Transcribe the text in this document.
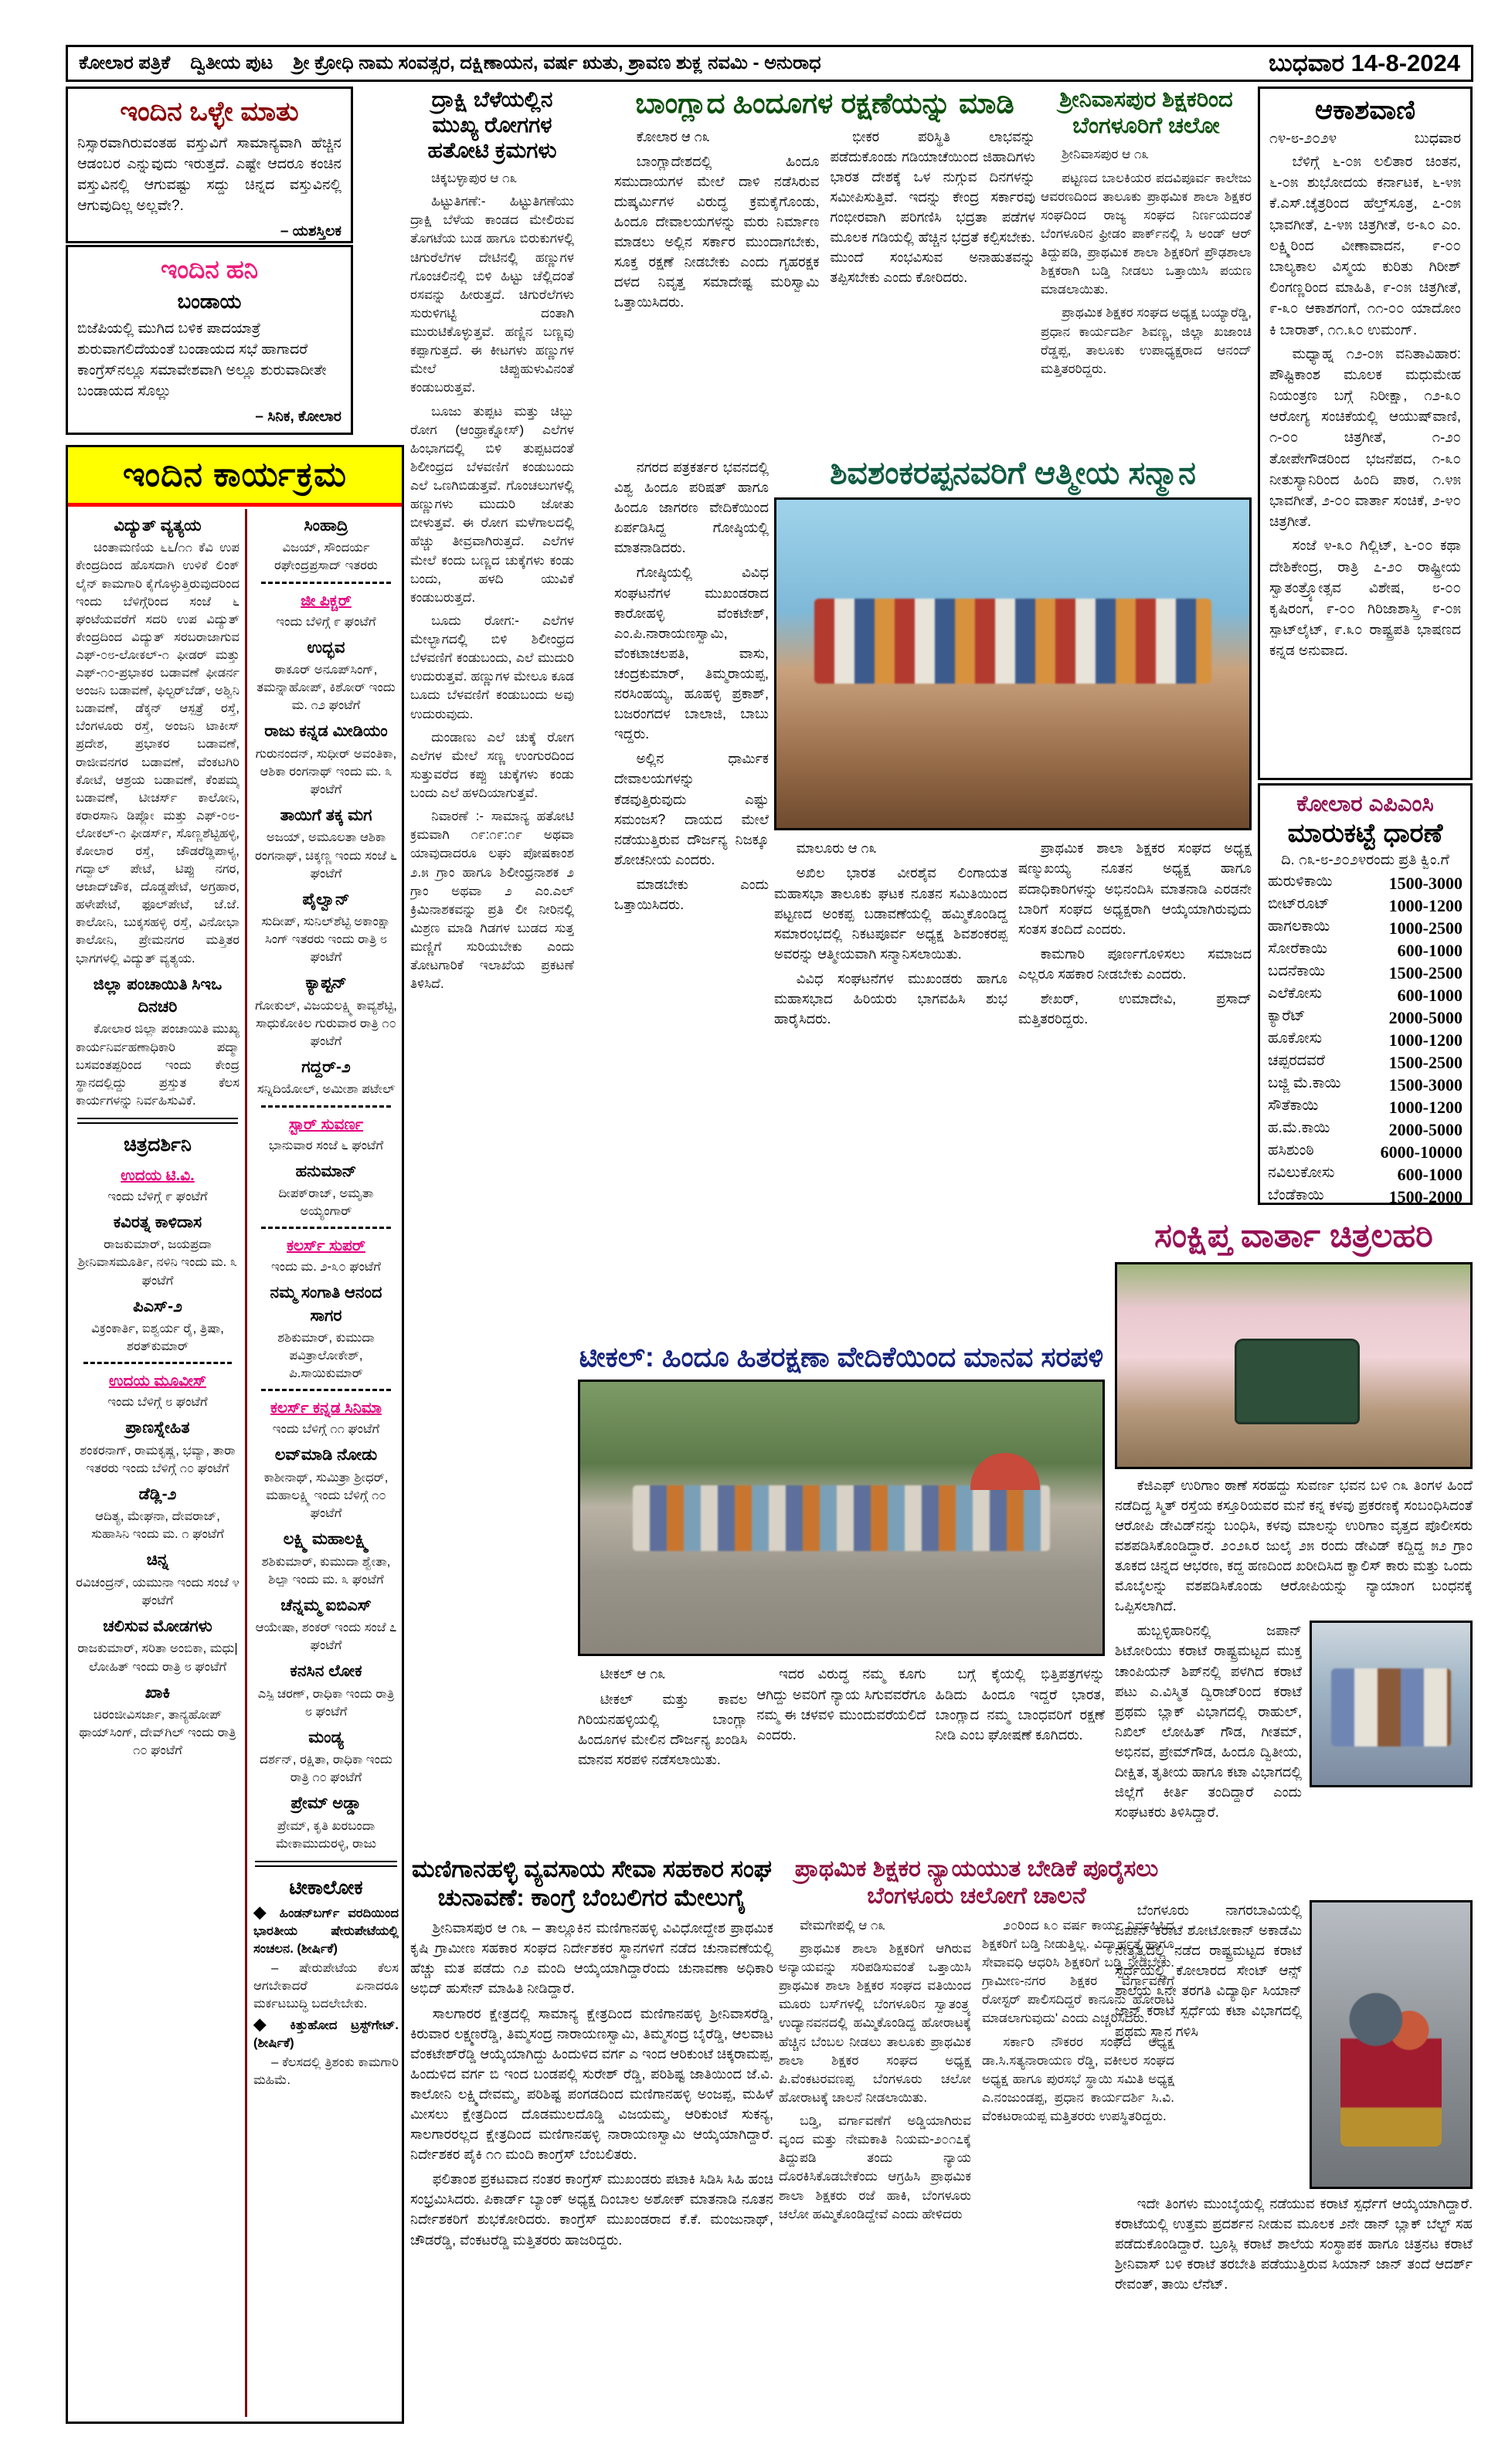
ಕೋಲಾರ ಪತ್ರಿಕೆ ದ್ವಿತೀಯ ಪುಟ ಶ್ರೀ ಕ್ರೋಧಿ ನಾಮ ಸಂವತ್ಸರ, ದಕ್ಷಿಣಾಯನ, ವರ್ಷ ಋತು, ಶ್ರಾವಣ ಶುಕ್ಲ ನವಮಿ - ಅನುರಾಧ	ಬುಧವಾರ 14-8-2024
ಇಂದಿನ ಒಳ್ಳೇ ಮಾತು
ನಿಸ್ಸಾರವಾಗಿರುವಂತಹ ವಸ್ತುವಿಗೆ ಸಾಮಾನ್ಯವಾಗಿ ಹೆಚ್ಚಿನ ಆಡಂಬರ ಎನ್ನುವುದು ಇರುತ್ತದೆ. ಎಷ್ಟೇ ಆದರೂ ಕಂಚಿನ ವಸ್ತುವಿನಲ್ಲಿ ಆಗುವಷ್ಟು ಸದ್ದು ಚಿನ್ನದ ವಸ್ತುವಿನಲ್ಲಿ ಆಗುವುದಿಲ್ಲ ಅಲ್ಲವೇ?.
– ಯಶಸ್ತಿಲಕ
ಇಂದಿನ ಹನಿ
ಬಂಡಾಯ
ಬಿಜೆಪಿಯಲ್ಲಿ ಮುಗಿದ ಬಳಿಕ ಪಾದಯಾತ್ರೆ ಶುರುವಾಗಲಿದೆಯಂತೆ ಬಂಡಾಯದ ಸಭೆ ಹಾಗಾದರೆ ಕಾಂಗ್ರೆಸ್‌ನಲ್ಲೂ ಸಮಾವೇಶವಾಗಿ ಅಲ್ಲೂ ಶುರುವಾದೀತೇ ಬಂಡಾಯದ ಸೊಲ್ಲು
– ಸಿನಿಕ, ಕೋಲಾರ
ಇಂದಿನ ಕಾರ್ಯಕ್ರಮ
ವಿದ್ಯುತ್ ವ್ಯತ್ಯಯ
ಚಿಂತಾಮಣಿಯ ೬೬/೧೧ ಕೆವಿ ಉಪ ಕೇಂದ್ರದಿಂದ ಹೊಸದಾಗಿ ಉಳಿಕೆ ಲಿಂಕ್ ಲೈನ್ ಕಾಮಗಾರಿ ಕೈಗೊಳ್ಳುತ್ತಿರುವುದರಿಂದ ಇಂದು ಬೆಳಿಗ್ಗೆರಿಂದ ಸಂಜೆ ೬ ಘಂಟೆಯವರೆಗೆ ಸದರಿ ಉಪ ವಿದ್ಯುತ್ ಕೇಂದ್ರದಿಂದ ವಿದ್ಯುತ್ ಸರಬರಾಜಾಗುವ ಎಫ್-೦೮-ಲೋಕಲ್-೧ ಫೀಡರ್ ಮತ್ತು ಎಫ್-೧೦-ಪ್ರಭಾಕರ ಬಡಾವಣೆ ಫೀಡರ್ನ ಅಂಜನಿ ಬಡಾವಣೆ, ಫಿಲ್ಟರ್‌ಬೆಡ್, ಅಶ್ವಿನಿ ಬಡಾವಣೆ, ಡೆಕ್ಕನ್ ಆಸ್ಪತ್ರೆ ರಸ್ತೆ, ಬೆಂಗಳೂರು ರಸ್ತೆ, ಅಂಜನಿ ಟಾಕೀಸ್ ಪ್ರದೇಶ, ಪ್ರಭಾಕರ ಬಡಾವಣೆ, ರಾಜೀವನಗರ ಬಡಾವಣೆ, ವೆಂಕಟಗಿರಿ ಕೋಟೆ, ಆಶ್ರಯ ಬಡಾವಣೆ, ಕೆಂಪಮ್ಮ ಬಡಾವಣೆ, ಟೀಚರ್ಸ್ ಕಾಲೋನಿ, ಕರಾರಸಾನಿ ಡಿಪ್ಲೋ ಮತ್ತು ಎಫ್-೦೮-ಲೋಕಲ್-೧ ಫೀಡರ್ಸ್, ಸೊಣ್ಣಶೆಟ್ಟಿಹಳ್ಳಿ, ಕೋಲಾರ ರಸ್ತೆ, ಚೌಡರೆಡ್ಡಿಪಾಳ್ಯ, ಗದ್ವಾಲ್ ಪೇಟೆ, ಟಿಪ್ಪು ನಗರ, ಆಜಾದ್‌ಚೌಕ, ದೊಡ್ಡಪೇಟೆ, ಅಗ್ರಹಾರ, ಹಳೇಪೇಟೆ, ಫೂಲ್‌ಪೇಟೆ, ಜೆ.ಜೆ. ಕಾಲೋನಿ, ಬುಕ್ಕಸಹಳ್ಳಿ ರಸ್ತೆ, ವಿನೋಭಾ ಕಾಲೋನಿ, ಪ್ರೇಮನಗರ ಮತ್ತಿತರ ಭಾಗಗಳಲ್ಲಿ ವಿದ್ಯುತ್ ವ್ಯತ್ಯಯ.
ಜಿಲ್ಲಾ ಪಂಚಾಯಿತಿ ಸಿಇಒ ದಿನಚರಿ
ಕೋಲಾರ ಜಿಲ್ಲಾ ಪಂಚಾಯಿತಿ ಮುಖ್ಯ ಕಾರ್ಯನಿರ್ವಹಣಾಧಿಕಾರಿ ಪದ್ಮಾ ಬಸವಂತಪ್ಪರಿಂದ ಇಂದು ಕೇಂದ್ರ ಸ್ಥಾನದಲ್ಲಿದ್ದು ಪ್ರಸ್ತುತ ಕೆಲಸ ಕಾರ್ಯಗಳನ್ನು ನಿರ್ವಹಿಸುವಿಕೆ.
ಚಿತ್ರದರ್ಶಿನಿ
ಉದಯ ಟಿ.ವಿ.
ಇಂದು ಬೆಳಿಗ್ಗೆ ೯ ಘಂಟೆಗೆ
ಕವಿರತ್ನ ಕಾಳಿದಾಸ
ರಾಜಕುಮಾರ್, ಜಯಪ್ರದಾ ಶ್ರೀನಿವಾಸಮೂರ್ತಿ, ನಳಿನಿ ಇಂದು ಮ. ೩ ಘಂಟೆಗೆ
ಪಿಎಸ್-೨
ವಿಕ್ರಂಕಾರ್ತಿ, ಐಶ್ವರ್ಯ ರೈ, ತ್ರಿಷಾ, ಶರತ್‌ಕುಮಾರ್
ಉದಯ ಮೂವೀಸ್
ಇಂದು ಬೆಳಿಗ್ಗೆ ೮ ಘಂಟೆಗೆ
ಪ್ರಾಣಸ್ನೇಹಿತ
ಶಂಕರನಾಗ್, ರಾಮಕೃಷ್ಣ, ಭವ್ಯಾ, ತಾರಾ ಇತರರು ಇಂದು ಬೆಳಿಗ್ಗೆ ೧೦ ಘಂಟೆಗೆ
ಡೆಡ್ಲಿ-೨
ಆದಿತ್ಯ, ಮೇಘನಾ, ದೇವರಾಜ್, ಸುಹಾಸಿನಿ ಇಂದು ಮ. ೧ ಘಂಟೆಗೆ
ಚಿನ್ನ
ರವಿಚಂದ್ರನ್, ಯಮುನಾ ಇಂದು ಸಂಜೆ ೪ ಘಂಟೆಗೆ
ಚಲಿಸುವ ಮೋಡಗಳು
ರಾಜಕುಮಾರ್, ಸರಿತಾ ಅಂಬಿಕಾ, ಮಧು|ಲೋಹಿತ್ ಇಂದು ರಾತ್ರಿ ೮ ಘಂಟೆಗೆ
ಖಾಕಿ
ಚಿರಂಜೀವಿಸರ್ಜಾ, ತಾನ್ಯಹೋಪ್ ಥಾಯ್‌ಸಿಂಗ್, ದೇವ್‌ಗಿಲ್ ಇಂದು ರಾತ್ರಿ ೧೦ ಘಂಟೆಗೆ
ಸಿಂಹಾದ್ರಿ
ವಿಜಯ್, ಸೌಂದರ್ಯ ರಘೇಂದ್ರಪ್ರಸಾದ್ ಇತರರು
ಜೀ ಪಿಕ್ಚರ್
ಇಂದು ಬೆಳಿಗ್ಗೆ ೯ ಘಂಟೆಗೆ
ಉದ್ಭವ
ಠಾಕೂರ್ ಅನೂಪ್‌ಸಿಂಗ್, ತಮನ್ನಾಹೋಪ್, ಕಿಶೋರ್ ಇಂದು ಮ. ೧೨ ಘಂಟೆಗೆ
ರಾಜು ಕನ್ನಡ ಮೀಡಿಯಂ
ಗುರುನಂದನ್, ಸುಧೀರ್ ಅವಂತಿಕಾ, ಆಶಿಕಾ ರಂಗನಾಥ್ ಇಂದು ಮ. ೩ ಘಂಟೆಗೆ
ತಾಯಿಗೆ ತಕ್ಕ ಮಗ
ಅಜಯ್, ಅಮೂಲತಾ ಆಶಿಕಾ ರಂಗನಾಥ್, ಚಿಕ್ಕಣ್ಣ ಇಂದು ಸಂಜೆ ೬ ಘಂಟೆಗೆ
ಪೈಲ್ವಾನ್
ಸುದೀಪ್, ಸುನಿಲ್‌ಶೆಟ್ಟಿ ಅಕಾಂಕ್ಷಾ ಸಿಂಗ್ ಇತರರು ಇಂದು ರಾತ್ರಿ ೮ ಘಂಟೆಗೆ
ಕ್ಯಾಪ್ಟನ್
ಗೋಕುಲ್, ವಿಜಯಲಕ್ಷ್ಮಿ ಕಾವ್ಯಶೆಟ್ಟಿ, ಸಾಧುಕೋಕಿಲ ಗುರುವಾರ ರಾತ್ರಿ ೧೦ ಘಂಟೆಗೆ
ಗದ್ದರ್-೨
ಸನ್ನಿದಿಯೋಲ್, ಅಮೀಶಾ ಪಟೇಲ್
ಸ್ಟಾರ್ ಸುವರ್ಣ
ಭಾನುವಾರ ಸಂಜೆ ೬ ಘಂಟೆಗೆ
ಹನುಮಾನ್
ದೀಪಕ್‌ರಾಜ್, ಅಮೃತಾ ಅಯ್ಯಂಗಾರ್
ಕಲರ್ಸ್ ಸುಪರ್
ಇಂದು ಮ. ೨-೩೦ ಘಂಟೆಗೆ
ನಮ್ಮ ಸಂಗಾತಿ ಆನಂದ ಸಾಗರ
ಶಶಿಕುಮಾರ್, ಕುಮುದಾ ಪವಿತ್ರಾಲೋಕೇಶ್, ಪಿ.ಸಾಯಿಕುಮಾರ್
ಕಲರ್ಸ್ ಕನ್ನಡ ಸಿನಿಮಾ
ಇಂದು ಬೆಳಿಗ್ಗೆ ೧೧ ಘಂಟೆಗೆ
ಲವ್‌ಮಾಡಿ ನೋಡು
ಕಾಶೀನಾಥ್, ಸುಮಿತ್ರಾ ಶ್ರೀಧರ್, ಮಹಾಲಕ್ಷ್ಮಿ ಇಂದು ಬೆಳಿಗ್ಗೆ ೧೦ ಘಂಟೆಗೆ
ಲಕ್ಷ್ಮಿ ಮಹಾಲಕ್ಷ್ಮಿ
ಶಶಿಕುಮಾರ್, ಕುಮುದಾ ಶ್ವೇತಾ, ಶಿಲ್ಪಾ ಇಂದು ಮ. ೩ ಘಂಟೆಗೆ
ಚೆನ್ನಮ್ಮ ಐಬಿಎಸ್
ಆಯೇಷಾ, ಶಂಕರ್ ಇಂದು ಸಂಜೆ ೭ ಘಂಟೆಗೆ
ಕನಸಿನ ಲೋಕ
ಎಸ್ಪಿ ಚರಣ್, ರಾಧಿಕಾ ಇಂದು ರಾತ್ರಿ ೮ ಘಂಟೆಗೆ
ಮಂಡ್ಯ
ದರ್ಶನ್, ರಕ್ಷಿತಾ, ರಾಧಿಕಾ ಇಂದು ರಾತ್ರಿ ೧೦ ಘಂಟೆಗೆ
ಪ್ರೇಮ್ ಅಡ್ಡಾ
ಪ್ರೇಮ್, ಕೃತಿ ಖರಬಂದಾ ಮೇಕಾಮುದುರಳ್ಳಿ, ರಾಜು
ಟೀಕಾಲೋಕ
◆ ಹಿಂಡನ್‌ಬರ್ಗ್ ವರದಿಯಿಂದ ಭಾರತೀಯ ಷೇರುಪೇಟೆಯಲ್ಲಿ ಸಂಚಲನ. (ಶೀರ್ಷಿಕೆ)
– ಷೇರುಪೇಟೆಯ ಕೆಲಸ ಆಗಬೇಕಾದರೆ ಏನಾದರೂ ಮರ್ಕಟಬುದ್ಧಿ ಬದಲೇಬೇಕು.
◆ ಕಿತ್ತುಹೋದ ಟ್ರಸ್ಟ್‌ಗೇಟ್. (ಶೀರ್ಷಿಕೆ)
– ಕೆಲಸದಲ್ಲಿ ತ್ರಿಶಂಕು ಕಾಮಗಾರಿ ಮಹಿಮೆ.
ದ್ರಾಕ್ಷಿ ಬೆಳೆಯಲ್ಲಿನ ಮುಖ್ಯ ರೋಗಗಳ ಹತೋಟಿ ಕ್ರಮಗಳು

ಚಿಕ್ಕಬಳ್ಳಾಪುರ ಆ ೧೩

ಹಿಟ್ಟುತಿಗಣೆ:- ಹಿಟ್ಟುತಿಗಣೆಯು ದ್ರಾಕ್ಷಿ ಬೆಳೆಯ ಕಾಂಡದ ಮೇಲಿರುವ ತೊಗಟೆಯ ಬುಡ ಹಾಗೂ ಬಿರುಕುಗಳಲ್ಲಿ ಚಿಗುರೆಲೆಗಳ ದೇಟಿನಲ್ಲಿ ಹಣ್ಣುಗಳ ಗೊಂಚಲಿನಲ್ಲಿ ಬಿಳಿ ಹಿಟ್ಟು ಚೆಲ್ಲಿದಂತೆ ರಸವನ್ನು ಹೀರುತ್ತದೆ. ಚಿಗುರೆಲೆಗಳು ಸುರುಳಿಗಟ್ಟಿ ದಂತಾಗಿ ಮುರುಟಿಕೊಳ್ಳುತ್ತವೆ. ಹಣ್ಣಿನ ಬಣ್ಣವು ಕಪ್ಪಾಗುತ್ತದೆ. ಈ ಕೀಟಗಳು ಹಣ್ಣುಗಳ ಮೇಲೆ ಚಿಪ್ಪುಹುಳುವಿನಂತೆ ಕಂಡುಬರುತ್ತವೆ.

ಬೂಜು ತುಪ್ಪಟ ಮತ್ತು ಚಿಬ್ಬು ರೋಗ (ಆಂಥ್ರಾಕ್ನೋಸ್) ಎಲೆಗಳ ಹಿಂಭಾಗದಲ್ಲಿ ಬಿಳಿ ತುಪ್ಪಟದಂತೆ ಶಿಲೀಂಧ್ರದ ಬೆಳವಣಿಗೆ ಕಂಡುಬಂದು ಎಲೆ ಒಣಗಿಬಿಡುತ್ತವೆ. ಗೊಂಚಲುಗಳಲ್ಲಿ ಹಣ್ಣುಗಳು ಮುದುರಿ ಜೋತು ಬೀಳುತ್ತವೆ. ಈ ರೋಗ ಮಳೆಗಾಲದಲ್ಲಿ ಹೆಚ್ಚು ತೀವ್ರವಾಗಿರುತ್ತದೆ. ಎಲೆಗಳ ಮೇಲೆ ಕಂದು ಬಣ್ಣದ ಚುಕ್ಕೆಗಳು ಕಂಡು ಬಂದು, ಹಳದಿ ಯುವಿಕೆ ಕಂಡುಬರುತ್ತದೆ.

ಬೂದು ರೋಗ:- ಎಲೆಗಳ ಮೇಲ್ಭಾಗದಲ್ಲಿ ಬಿಳಿ ಶಿಲೀಂಧ್ರದ ಬೆಳವಣಿಗೆ ಕಂಡುಬಂದು, ಎಲೆ ಮುದುರಿ ಉದುರುತ್ತವೆ. ಹಣ್ಣುಗಳ ಮೇಲೂ ಕೂಡ ಬೂದು ಬೆಳವಣಿಗೆ ಕಂಡುಬಂದು ಅವು ಉದುರುವುದು.

ದುಂಡಾಣು ಎಲೆ ಚುಕ್ಕೆ ರೋಗ ಎಲೆಗಳ ಮೇಲೆ ಸಣ್ಣ ಉಂಗುರದಿಂದ ಸುತ್ತುವರೆದ ಕಪ್ಪು ಚುಕ್ಕೆಗಳು ಕಂಡು ಬಂದು ಎಲೆ ಹಳದಿಯಾಗುತ್ತವೆ.

ನಿವಾರಣೆ :- ಸಾಮಾನ್ಯ ಹತೋಟಿ ಕ್ರಮವಾಗಿ ೧೯:೧೯:೧೯ ಅಥವಾ ಯಾವುದಾದರೂ ಲಘು ಪೋಷಕಾಂಶ ೨.೫ ಗ್ರಾಂ ಹಾಗೂ ಶಿಲೀಂಧ್ರನಾಶಕ ೨ ಗ್ರಾಂ ಅಥವಾ ೨ ಎಂ.ಎಲ್ ಕ್ರಿಮಿನಾಶಕವನ್ನು ಪ್ರತಿ ಲೀ ನೀರಿನಲ್ಲಿ ಮಿಶ್ರಣ ಮಾಡಿ ಗಿಡಗಳ ಬುಡದ ಸುತ್ತ ಮಣ್ಣಿಗೆ ಸುರಿಯಬೇಕು ಎಂದು ತೋಟಗಾರಿಕೆ ಇಲಾಖೆಯ ಪ್ರಕಟಣೆ ತಿಳಿಸಿದೆ.

ಬಾಂಗ್ಲಾದ ಹಿಂದೂಗಳ ರಕ್ಷಣೆಯನ್ನು ಮಾಡಿ

ಕೋಲಾರ ಆ ೧೩

ಬಾಂಗ್ಲಾದೇಶದಲ್ಲಿ ಹಿಂದೂ ಸಮುದಾಯಗಳ ಮೇಲೆ ದಾಳಿ ನಡೆಸಿರುವ ದುಷ್ಕರ್ಮಿಗಳ ವಿರುದ್ಧ ಕ್ರಮಕೈಗೊಂಡು, ಹಿಂದೂ ದೇವಾಲಯಗಳನ್ನು ಮರು ನಿರ್ಮಾಣ ಮಾಡಲು ಅಲ್ಲಿನ ಸರ್ಕಾರ ಮುಂದಾಗಬೇಕು, ಸೂಕ್ತ ರಕ್ಷಣೆ ನೀಡಬೇಕು ಎಂದು ಗೃಹರಕ್ಷಕ ದಳದ ನಿವೃತ್ತ ಸಮಾದೇಷ್ಟ ಮರಿಸ್ವಾಮಿ ಒತ್ತಾಯಿಸಿದರು.

ಭೀಕರ ಪರಿಸ್ಥಿತಿ ಲಾಭವನ್ನು ಪಡೆದುಕೊಂಡು ಗಡಿಯಾಚೆಯಿಂದ ಜಿಹಾದಿಗಳು ಭಾರತ ದೇಶಕ್ಕೆ ಒಳ ನುಗ್ಗುವ ದಿನಗಳನ್ನು ಸಮೀಪಿಸುತ್ತಿವೆ. ಇದನ್ನು ಕೇಂದ್ರ ಸರ್ಕಾರವು ಗಂಭೀರವಾಗಿ ಪರಿಗಣಿಸಿ ಭದ್ರತಾ ಪಡೆಗಳ ಮೂಲಕ ಗಡಿಯಲ್ಲಿ ಹೆಚ್ಚಿನ ಭದ್ರತೆ ಕಲ್ಪಿಸಬೇಕು. ಮುಂದೆ ಸಂಭವಿಸುವ ಅನಾಹುತವನ್ನು ತಪ್ಪಿಸಬೇಕು ಎಂದು ಕೋರಿದರು.

ನಗರದ ಪತ್ರಕರ್ತರ ಭವನದಲ್ಲಿ ವಿಶ್ವ ಹಿಂದೂ ಪರಿಷತ್ ಹಾಗೂ ಹಿಂದೂ ಜಾಗರಣ ವೇದಿಕೆಯಿಂದ ಏರ್ಪಡಿಸಿದ್ದ ಗೋಷ್ಠಿಯಲ್ಲಿ ಮಾತನಾಡಿದರು.

ಗೋಷ್ಠಿಯಲ್ಲಿ ವಿವಿಧ ಸಂಘಟನೆಗಳ ಮುಖಂಡರಾದ ಕಾರೋಹಳ್ಳಿ ವೆಂಕಟೇಶ್, ಎಂ.ಪಿ.ನಾರಾಯಣಸ್ವಾಮಿ, ವೆಂಕಟಾಚಲಪತಿ, ವಾಸು, ಚಂದ್ರಕುಮಾರ್, ತಿಮ್ಮರಾಯಪ್ಪ, ನರಸಿಂಹಯ್ಯ, ಹೂಹಳ್ಳಿ ಪ್ರಕಾಶ್, ಬಜರಂಗದಳ ಬಾಲಾಜಿ, ಬಾಬು ಇದ್ದರು.

ಅಲ್ಲಿನ ಧಾರ್ಮಿಕ ದೇವಾಲಯಗಳನ್ನು ಕೆಡವುತ್ತಿರುವುದು ಎಷ್ಟು ಸಮಂಜಸ? ದಾಯದ ಮೇಲೆ ನಡೆಯುತ್ತಿರುವ ದೌರ್ಜನ್ಯ ನಿಜಕ್ಕೂ ಶೋಚನೀಯ ಎಂದರು.

ಮಾಡಬೇಕು ಎಂದು ಒತ್ತಾಯಿಸಿದರು.

ಶ್ರೀನಿವಾಸಪುರ ಶಿಕ್ಷಕರಿಂದ ಬೆಂಗಳೂರಿಗೆ ಚಲೋ

ಶ್ರೀನಿವಾಸಪುರ ಆ ೧೩

ಪಟ್ಟಣದ ಬಾಲಕಿಯರ ಪದವಿಪೂರ್ವ ಕಾಲೇಜು ಆವರಣದಿಂದ ತಾಲೂಕು ಪ್ರಾಥಮಿಕ ಶಾಲಾ ಶಿಕ್ಷಕರ ಸಂಘದಿಂದ ರಾಜ್ಯ ಸಂಘದ ನಿರ್ಣಯದಂತೆ ಬೆಂಗಳೂರಿನ ಫ್ರೀಡಂ ಪಾರ್ಕ್‌ನಲ್ಲಿ ಸಿ ಅಂಡ್ ಆರ್ ತಿದ್ದುಪಡಿ, ಪ್ರಾಥಮಿಕ ಶಾಲಾ ಶಿಕ್ಷಕರಿಗೆ ಪ್ರೌಢಶಾಲಾ ಶಿಕ್ಷಕರಾಗಿ ಬಡ್ತಿ ನೀಡಲು ಒತ್ತಾಯಿಸಿ ಪಯಣ ಮಾಡಲಾಯಿತು.

ಪ್ರಾಥಮಿಕ ಶಿಕ್ಷಕರ ಸಂಘದ ಅಧ್ಯಕ್ಷ ಬಯ್ಯಾರೆಡ್ಡಿ, ಪ್ರಧಾನ ಕಾರ್ಯದರ್ಶಿ ಶಿವಣ್ಣ, ಜಿಲ್ಲಾ ಖಜಾಂಚಿ ರೆಡ್ಡಪ್ಪ, ತಾಲೂಕು ಉಪಾಧ್ಯಕ್ಷರಾದ ಆನಂದ್ ಮತ್ತಿತರರಿದ್ದರು.

ಶಿವಶಂಕರಪ್ಪನವರಿಗೆ ಆತ್ಮೀಯ ಸನ್ಮಾನ

ಮಾಲೂರು ಆ ೧೩

ಅಖಿಲ ಭಾರತ ವೀರಶೈವ ಲಿಂಗಾಯತ ಮಹಾಸಭಾ ತಾಲೂಕು ಘಟಕ ನೂತನ ಸಮಿತಿಯಿಂದ ಪಟ್ಟಣದ ಅಂಕಪ್ಪ ಬಡಾವಣೆಯಲ್ಲಿ ಹಮ್ಮಿಕೊಂಡಿದ್ದ ಸಮಾರಂಭದಲ್ಲಿ ನಿಕಟಪೂರ್ವ ಅಧ್ಯಕ್ಷ ಶಿವಶಂಕರಪ್ಪ ಅವರನ್ನು ಆತ್ಮೀಯವಾಗಿ ಸನ್ಮಾನಿಸಲಾಯಿತು.

ವಿವಿಧ ಸಂಘಟನೆಗಳ ಮುಖಂಡರು ಹಾಗೂ ಮಹಾಸಭಾದ ಹಿರಿಯರು ಭಾಗವಹಿಸಿ ಶುಭ ಹಾರೈಸಿದರು.

ಪ್ರಾಥಮಿಕ ಶಾಲಾ ಶಿಕ್ಷಕರ ಸಂಘದ ಅಧ್ಯಕ್ಷ ಷಣ್ಮುಖಯ್ಯ ನೂತನ ಅಧ್ಯಕ್ಷ ಹಾಗೂ ಪದಾಧಿಕಾರಿಗಳನ್ನು ಅಭಿನಂದಿಸಿ ಮಾತನಾಡಿ ಎರಡನೇ ಬಾರಿಗೆ ಸಂಘದ ಅಧ್ಯಕ್ಷರಾಗಿ ಆಯ್ಕೆಯಾಗಿರುವುದು ಸಂತಸ ತಂದಿದೆ ಎಂದರು.

ಕಾಮಗಾರಿ ಪೂರ್ಣಗೊಳಿಸಲು ಸಮಾಜದ ಎಲ್ಲರೂ ಸಹಕಾರ ನೀಡಬೇಕು ಎಂದರು.

ಶೇಖರ್, ಉಮಾದೇವಿ, ಪ್ರಸಾದ್ ಮತ್ತಿತರರಿದ್ದರು.

ಟೀಕಲ್: ಹಿಂದೂ ಹಿತರಕ್ಷಣಾ ವೇದಿಕೆಯಿಂದ ಮಾನವ ಸರಪಳಿ

ಟೀಕಲ್ ಆ ೧೩

ಟೀಕಲ್ ಮತ್ತು ಕಾವಲ ಗಿರಿಯನಹಳ್ಳಿಯಲ್ಲಿ ಬಾಂಗ್ಲಾ ಹಿಂದೂಗಳ ಮೇಲಿನ ದೌರ್ಜನ್ಯ ಖಂಡಿಸಿ ಮಾನವ ಸರಪಳಿ ನಡೆಸಲಾಯಿತು.

ಇದರ ವಿರುದ್ಧ ನಮ್ಮ ಕೂಗು ಆಗಿದ್ದು ಅವರಿಗೆ ನ್ಯಾಯ ಸಿಗುವವರೆಗೂ ನಮ್ಮ ಈ ಚಳವಳಿ ಮುಂದುವರೆಯಲಿದೆ ಎಂದರು.

ಬಗ್ಗೆ ಕೈಯಲ್ಲಿ ಭಿತ್ತಿಪತ್ರಗಳನ್ನು ಹಿಡಿದು ಹಿಂದೂ ಇದ್ದರೆ ಭಾರತ, ಬಾಂಗ್ಲಾದ ನಮ್ಮ ಬಾಂಧವರಿಗೆ ರಕ್ಷಣೆ ನೀಡಿ ಎಂಬ ಘೋಷಣೆ ಕೂಗಿದರು.

ಮಣಿಗಾನಹಳ್ಳಿ ವ್ಯವಸಾಯ ಸೇವಾ ಸಹಕಾರ ಸಂಘ ಚುನಾವಣೆ: ಕಾಂಗ್ರೆ ಬೆಂಬಲಿಗರ ಮೇಲುಗೈ

ಶ್ರೀನಿವಾಸಪುರ ಆ ೧೩ – ತಾಲ್ಲೂಕಿನ ಮಣಿಗಾನಹಳ್ಳಿ ವಿವಿಧೋದ್ದೇಶ ಪ್ರಾಥಮಿಕ ಕೃಷಿ ಗ್ರಾಮೀಣ ಸಹಕಾರ ಸಂಘದ ನಿರ್ದೇಶಕರ ಸ್ಥಾನಗಳಿಗೆ ನಡೆದ ಚುನಾವಣೆಯಲ್ಲಿ ಹೆಚ್ಚು ಮತ ಪಡೆದು ೧೨ ಮಂದಿ ಆಯ್ಕೆಯಾಗಿದ್ದಾರೆಂದು ಚುನಾವಣಾ ಅಧಿಕಾರಿ ಅಭಿದ್ ಹುಸೇನ್ ಮಾಹಿತಿ ನೀಡಿದ್ದಾರೆ.

ಸಾಲಗಾರರ ಕ್ಷೇತ್ರದಲ್ಲಿ ಸಾಮಾನ್ಯ ಕ್ಷೇತ್ರದಿಂದ ಮಣಿಗಾನಹಳ್ಳಿ ಶ್ರೀನಿವಾಸರೆಡ್ಡಿ, ಕಿರುವಾರ ಲಕ್ಷ್ಮಣರೆಡ್ಡಿ, ತಿಮ್ಮಸಂದ್ರ ನಾರಾಯಣಸ್ವಾಮಿ, ತಿಮ್ಮಸಂದ್ರ ಬೈರೆಡ್ಡಿ, ಆಲವಾಟ ವೆಂಕಟೇಶ್‌ರೆಡ್ಡಿ ಆಯ್ಕೆಯಾಗಿದ್ದು ಹಿಂದುಳಿದ ವರ್ಗ ಎ ಇಂದ ಆರಿಕುಂಟೆ ಚಿಕ್ಕರಾಮಪ್ಪ, ಹಿಂದುಳಿದ ವರ್ಗ ಬಿ ಇಂದ ಬಂಡಪಲ್ಲಿ ಸುರೇಶ್ ರೆಡ್ಡಿ, ಪರಿಶಿಷ್ಟ ಜಾತಿಯಿಂದ ಜೆ.ವಿ. ಕಾಲೋನಿ ಲಕ್ಷ್ಮಿದೇವಮ್ಮ, ಪರಿಶಿಷ್ಟ ಪಂಗಡದಿಂದ ಮಣಿಗಾನಹಳ್ಳಿ ಅಂಜಪ್ಪ, ಮಹಿಳೆ ಮೀಸಲು ಕ್ಷೇತ್ರದಿಂದ ದೊಡಮುಲದೊಡ್ಡಿ ವಿಜಯಮ್ಮ, ಆರಿಕುಂಟೆ ಸುಕನ್ಯ, ಸಾಲಗಾರರಲ್ಲದ ಕ್ಷೇತ್ರದಿಂದ ಮಣಿಗಾನಹಳ್ಳಿ ನಾರಾಯಣಸ್ವಾಮಿ ಆಯ್ಕೆಯಾಗಿದ್ದಾರೆ. ನಿರ್ದೇಶಕರ ಪೈಕಿ ೧೧ ಮಂದಿ ಕಾಂಗ್ರೆಸ್ ಬೆಂಬಲಿತರು.

ಫಲಿತಾಂಶ ಪ್ರಕಟವಾದ ನಂತರ ಕಾಂಗ್ರೆಸ್ ಮುಖಂಡರು ಪಟಾಕಿ ಸಿಡಿಸಿ ಸಿಹಿ ಹಂಚಿ ಸಂಭ್ರಮಿಸಿದರು. ಪಿಕಾರ್ಡ್ ಬ್ಯಾಂಕ್ ಅಧ್ಯಕ್ಷ ದಿಂಬಾಲ ಅಶೋಕ್ ಮಾತನಾಡಿ ನೂತನ ನಿರ್ದೇಶಕರಿಗೆ ಶುಭಕೋರಿದರು. ಕಾಂಗ್ರೆಸ್ ಮುಖಂಡರಾದ ಕೆ.ಕೆ. ಮಂಜುನಾಥ್, ಚೌಡರೆಡ್ಡಿ, ವೆಂಕಟರೆಡ್ಡಿ ಮತ್ತಿತರರು ಹಾಜರಿದ್ದರು.

ಪ್ರಾಥಮಿಕ ಶಿಕ್ಷಕರ ನ್ಯಾಯಯುತ ಬೇಡಿಕೆ ಪೂರೈಸಲು ಬೆಂಗಳೂರು ಚಲೋಗೆ ಚಾಲನೆ

ವೇಮಗೇಪಲ್ಲಿ ಆ ೧೩

ಪ್ರಾಥಮಿಕ ಶಾಲಾ ಶಿಕ್ಷಕರಿಗೆ ಆಗಿರುವ ಅನ್ಯಾಯವನ್ನು ಸರಿಪಡಿಸುವಂತೆ ಒತ್ತಾಯಿಸಿ ಪ್ರಾಥಮಿಕ ಶಾಲಾ ಶಿಕ್ಷಕರ ಸಂಘದ ವತಿಯಿಂದ ಮೂರು ಬಸ್‌ಗಳಲ್ಲಿ ಬೆಂಗಳೂರಿನ ಸ್ವಾತಂತ್ರ್ಯ ಉದ್ಯಾನವನದಲ್ಲಿ ಹಮ್ಮಿಕೊಂಡಿದ್ದ ಹೋರಾಟಕ್ಕೆ ಹೆಚ್ಚಿನ ಬೆಂಬಲ ನೀಡಲು ತಾಲೂಕು ಪ್ರಾಥಮಿಕ ಶಾಲಾ ಶಿಕ್ಷಕರ ಸಂಘದ ಅಧ್ಯಕ್ಷ ಪಿ.ವೆಂಕಟರವಣಪ್ಪ ಬೆಂಗಳೂರು ಚಲೋ ಹೋರಾಟಕ್ಕೆ ಚಾಲನೆ ನೀಡಲಾಯಿತು.

ಬಡ್ತಿ, ವರ್ಗಾವಣೆಗೆ ಅಡ್ಡಿಯಾಗಿರುವ ವೃಂದ ಮತ್ತು ನೇಮಕಾತಿ ನಿಯಮ-೨೦೧೭ಕ್ಕೆ ತಿದ್ದುಪಡಿ ತಂದು ನ್ಯಾಯ ದೊರಕಿಸಿಕೊಡಬೇಕೆಂದು ಆಗ್ರಹಿಸಿ ಪ್ರಾಥಮಿಕ ಶಾಲಾ ಶಿಕ್ಷಕರು ರಜೆ ಹಾಕಿ, ಬೆಂಗಳೂರು ಚಲೋ ಹಮ್ಮಿಕೊಂಡಿದ್ದೇವೆ ಎಂದು ಹೇಳಿದರು

೨೦ರಿಂದ ೩೦ ವರ್ಷ ಕಾರ್ಯ ನಿರ್ವಹಿಸಿದ ಶಿಕ್ಷಕರಿಗೆ ಬಡ್ತಿ ನೀಡುತ್ತಿಲ್ಲ. ವಿದ್ಯಾರ್ಹತೆ ಹಾಗೂ ಸೇವಾವಧಿ ಆಧರಿಸಿ ಶಿಕ್ಷಕರಿಗೆ ಬಡ್ತಿ ನೀಡಬೇಕು. ಗ್ರಾಮೀಣ-ನಗರ ಶಿಕ್ಷಕರ ವರ್ಗಾವಣೆಗೆ ರೋಸ್ಟರ್ ಪಾಲಿಸದಿದ್ದರೆ ಕಾನೂನು ಹೋರಾಟ ಮಾಡಲಾಗುವುದು' ಎಂದು ಎಚ್ಚರಿಸಿದರು.

ಸರ್ಕಾರಿ ನೌಕರರ ಸಂಘದ ಅಧ್ಯಕ್ಷ ಡಾ.ಸಿ.ಸತ್ಯನಾರಾಯಣ ರೆಡ್ಡಿ, ವಕೀಲರ ಸಂಘದ ಅಧ್ಯಕ್ಷ ಹಾಗೂ ಪುರಸಭೆ ಸ್ಥಾಯಿ ಸಮಿತಿ ಅಧ್ಯಕ್ಷ ಎ.ನಂಜುಂಡಪ್ಪ, ಪ್ರಧಾನ ಕಾರ್ಯದರ್ಶಿ ಸಿ.ವಿ. ವೆಂಕಟರಾಯಪ್ಪ ಮತ್ತಿತರರು ಉಪಸ್ಥಿತರಿದ್ದರು.

ಆಕಾಶವಾಣಿ
೧೪-೮-೨೦೨೪	ಬುಧವಾರ

ಬೆಳಿಗ್ಗೆ ೬-೦೫ ಲಲಿತಾರ ಚಿಂತನ, ೬-೦೫ ಶುಭೋದಯ ಕರ್ನಾಟಕ, ೬-೪೫ ಕೆ.ಎಸ್.ಚೈತ್ರರಿಂದ ಹೆಲ್ತ್‌ಸೂತ್ರ, ೭-೦೫ ಭಾವಗೀತೆ, ೭-೪೫ ಚಿತ್ರಗೀತೆ, ೮-೩೦ ಎಂ. ಲಕ್ಷ್ಮಿರಿಂದ ವೀಣಾವಾದನ, ೯-೦೦ ಬಾಲ್ಯಕಾಲ ವಿಸ್ಮಯ ಕುರಿತು ಗಿರೀಶ್ ಲಿಂಗಣ್ಣರಿಂದ ಮಾಹಿತಿ, ೯-೦೫ ಚಿತ್ರಗೀತೆ, ೯-೩೦ ಆಕಾಶಗಂಗೆ, ೧೧-೦೦ ಯಾದೋಂ ಕಿ ಬಾರಾತ್, ೧೧.೩೦ ಉಮಂಗ್.

ಮಧ್ಯಾಹ್ನ ೧೨-೦೫ ವನಿತಾವಿಹಾರ: ಪೌಷ್ಟಿಕಾಂಶ ಮೂಲಕ ಮಧುಮೇಹ ನಿಯಂತ್ರಣ ಬಗ್ಗೆ ನಿರೀಕ್ಷಾ, ೧೨-೩೦ ಆರೋಗ್ಯ ಸಂಚಿಕೆಯಲ್ಲಿ ಆಯುಷ್‌ವಾಣಿ, ೧-೦೦ ಚಿತ್ರಗೀತೆ, ೧-೨೦ ತೋಪೇಗೌಡರಿಂದ ಭಜನೆಪದ, ೧-೩೦ ನೀತುಸ್ಯಾನಿರಿಂದ ಹಿಂದಿ ಪಾಠ, ೧.೪೫ ಭಾವಗೀತೆ, ೨-೦೦ ವಾರ್ತಾ ಸಂಚಿಕೆ, ೨-೪೦ ಚಿತ್ರಗೀತೆ.

ಸಂಜೆ ೪-೩೦ ಗಿಲ್ಲಿಟ್, ೬-೦೦ ಕಥಾ ದೇಶಿಕೇಂದ್ರ, ರಾತ್ರಿ ೭-೨೦ ರಾಷ್ಟ್ರೀಯ ಸ್ವಾತಂತ್ರ್ಯೋತ್ಸವ ವಿಶೇಷ, ೮-೦೦ ಕೃಷಿರಂಗ, ೯-೦೦ ಗಿರಿಜಾಶಾಸ್ತ್ರಿ ೯-೦೫ ಸ್ಪಾಟ್‌ಲೈಟ್, ೯.೩೦ ರಾಷ್ಟ್ರಪತಿ ಭಾಷಣದ ಕನ್ನಡ ಅನುವಾದ.

ಕೋಲಾರ ಎಪಿಎಂಸಿ
ಮಾರುಕಟ್ಟೆ ಧಾರಣೆ
ದಿ. ೧೩-೮-೨೦೨೪ರಂದು ಪ್ರತಿ ಕ್ವಿಂ.ಗೆ
ಹುರುಳಿಕಾಯಿ	1500-3000
ಬೀಟ್‌ರೂಟ್	1000-1200
ಹಾಗಲಕಾಯಿ	1000-2500
ಸೋರೆಕಾಯಿ	600-1000
ಬದನೆಕಾಯಿ	1500-2500
ಎಲೆಕೋಸು	600-1000
ಕ್ಯಾರೆಟ್	2000-5000
ಹೂಕೋಸು	1000-1200
ಚಪ್ಪರದವರೆ	1500-2500
ಬಜ್ಜಿ ಮೆ.ಕಾಯಿ	1500-3000
ಸೌತೆಕಾಯಿ	1000-1200
ಹ.ಮೆ.ಕಾಯಿ	2000-5000
ಹಸಿಶುಂಠಿ	6000-10000
ನವಿಲುಕೋಸು	600-1000
ಬೆಂಡೆಕಾಯಿ	1500-2000
ಸಂಕ್ಷಿಪ್ತ ವಾರ್ತಾ ಚಿತ್ರಲಹರಿ

ಕೆಜಿಎಫ್ ಉರಿಗಾಂ ಠಾಣೆ ಸರಹದ್ದು ಸುವರ್ಣ ಭವನ ಬಳಿ ೧೩ ತಿಂಗಳ ಹಿಂದೆ ನಡೆದಿದ್ದ ಸ್ಮಿತ್ ರಸ್ತೆಯ ಕಸ್ತೂರಿಯವರ ಮನೆ ಕನ್ನ ಕಳವು ಪ್ರಕರಣಕ್ಕೆ ಸಂಬಂಧಿಸಿದಂತೆ ಆರೋಪಿ ಡೇವಿಡ್‌ನನ್ನು ಬಂಧಿಸಿ, ಕಳವು ಮಾಲನ್ನು ಉರಿಗಾಂ ವೃತ್ತದ ಪೊಲೀಸರು ವಶಪಡಿಸಿಕೊಂಡಿದ್ದಾರೆ. ೨೦೨೩ರ ಜುಲೈ ೨೫ ರಂದು ಡೇವಿಡ್ ಕದ್ದಿದ್ದ ೫೨ ಗ್ರಾಂ ತೂಕದ ಚಿನ್ನದ ಆಭರಣ, ಕದ್ದ ಹಣದಿಂದ ಖರೀದಿಸಿದ ಕ್ವಾಲಿಸ್ ಕಾರು ಮತ್ತು ಒಂದು ಮೊಬೈಲನ್ನು ವಶಪಡಿಸಿಕೊಂಡು ಆರೋಪಿಯನ್ನು ನ್ಯಾಯಾಂಗ ಬಂಧನಕ್ಕೆ ಒಪ್ಪಿಸಲಾಗಿದೆ.

ಹುಬ್ಬಳ್ಳಿಹಾರಿನಲ್ಲಿ ಜಪಾನ್ ಶಿಟೋರಿಯು ಕರಾಟೆ ರಾಷ್ಟ್ರಮಟ್ಟದ ಮುಕ್ತ ಚಾಂಪಿಯನ್ ಶಿಪ್‌ನಲ್ಲಿ ಪಳಗಿದ ಕರಾಟೆ ಪಟು ಎ.ವಿಸ್ಮಿತ ದ್ವಿರಾಜ್‌ರಿಂದ ಕರಾಟೆ ಪ್ರಥಮ ಬ್ಲಾಕ್ ವಿಭಾಗದಲ್ಲಿ ರಾಹುಲ್, ನಿಖಿಲ್ ಲೋಹಿತ್ ಗೌಡ, ಗೀತಮ್, ಅಭಿನವ, ಪ್ರೇಮ್‌ಗೌಡ, ಹಿಂದೂ ದ್ವಿತೀಯ, ದೀಕ್ಷಿತ, ತೃತೀಯ ಹಾಗೂ ಕಟಾ ವಿಭಾಗದಲ್ಲಿ ಜಿಲ್ಲೆಗೆ ಕೀರ್ತಿ ತಂದಿದ್ದಾರೆ ಎಂದು ಸಂಘಟಕರು ತಿಳಿಸಿದ್ದಾರೆ.

ಬೆಂಗಳೂರು ನಾಗರಬಾವಿಯಲ್ಲಿ ಜಪಾನ್ ಕರಾಟೆ ಶೋಟೋಕಾನ್ ಅಕಾಡೆಮಿ ನೇತೃತ್ವದಲ್ಲಿ ನಡೆದ ರಾಷ್ಟ್ರಮಟ್ಟದ ಕರಾಟೆ ಸ್ಪರ್ಧೆಯಲ್ಲಿ ಕೋಲಾರದ ಸೇಂಟ್ ಆನ್ಸ್ ಶಾಲೆಯ ೩ನೇ ತರಗತಿ ವಿದ್ಯಾರ್ಥಿ ಸಿಯಾನ್ ಜಾನ್ ಕರಾಟೆ ಸ್ಪರ್ಧೆಯ ಕಟಾ ವಿಭಾಗದಲ್ಲಿ ಪ್ರಥಮ ಸ್ಥಾನ ಗಳಿಸಿ

ಇದೇ ತಿಂಗಳು ಮುಂಬೈಯಲ್ಲಿ ನಡೆಯುವ ಕರಾಟೆ ಸ್ಪರ್ಧೆಗೆ ಆಯ್ಕೆಯಾಗಿದ್ದಾರೆ. ಕರಾಟೆಯಲ್ಲಿ ಉತ್ತಮ ಪ್ರದರ್ಶನ ನೀಡುವ ಮೂಲಕ ೨ನೇ ಡಾನ್ ಬ್ಲಾಕ್ ಬೆಲ್ಟ್ ಸಹ ಪಡೆದುಕೊಂಡಿದ್ದಾರೆ. ಬ್ರೂಸ್ಲಿ ಕರಾಟೆ ಶಾಲೆಯ ಸಂಸ್ಥಾಪಕ ಹಾಗೂ ಚಿತ್ರನಟ ಕರಾಟೆ ಶ್ರೀನಿವಾಸ್ ಬಳಿ ಕರಾಟೆ ತರಬೇತಿ ಪಡೆಯುತ್ತಿರುವ ಸಿಯಾನ್ ಜಾನ್ ತಂದೆ ಆದರ್ಶ್ ರೇವಂತ್, ತಾಯಿ ಲೆನೆಟ್.
